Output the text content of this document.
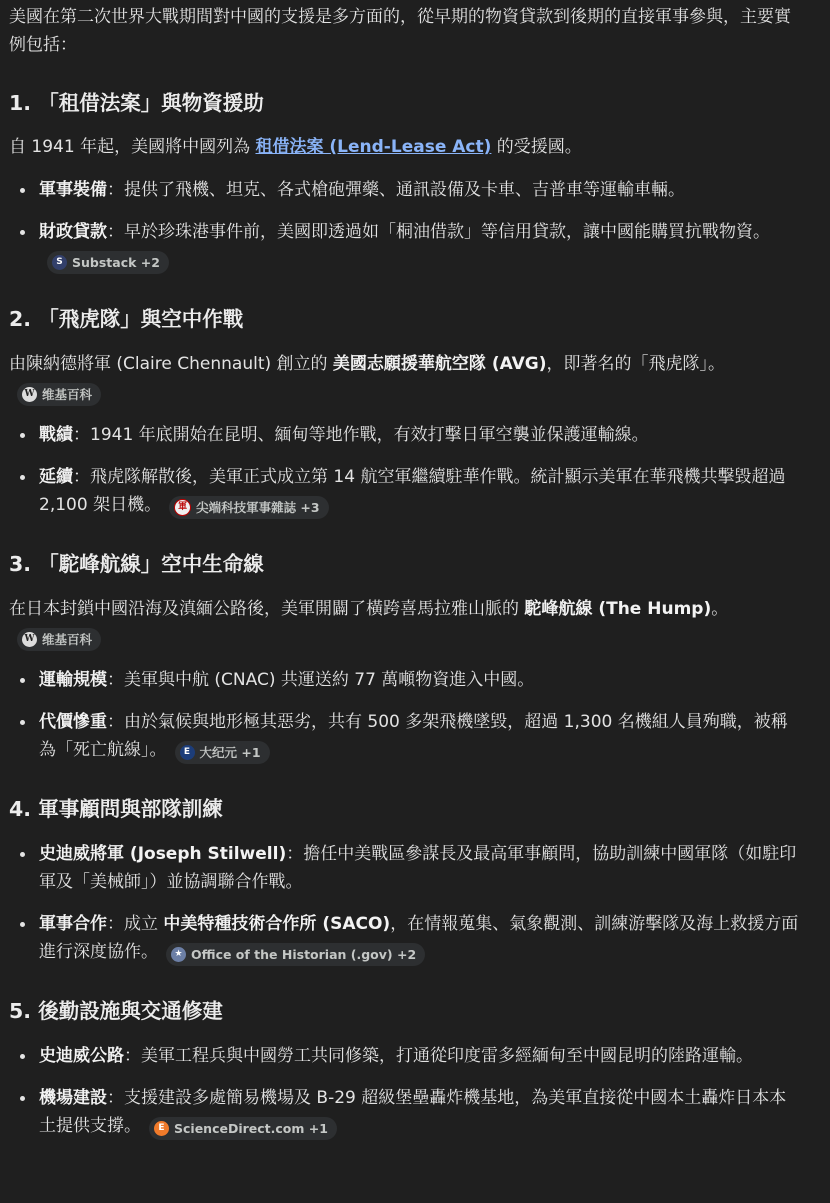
美國在第二次世界大戰期間對中國的支援是多方面的，從早期的物資貸款到後期的直接軍事參與，主要實例包括：

1. 「租借法案」與物資援助

自 1941 年起，美國將中國列為 租借法案 (Lend-Lease Act) 的受援國。

軍事裝備：提供了飛機、坦克、各式槍砲彈藥、通訊設備及卡車、吉普車等運輸車輛。
財政貸款：早於珍珠港事件前，美國即透過如「桐油借款」等信用貸款，讓中國能購買抗戰物資。
S Substack +2
2. 「飛虎隊」與空中作戰

由陳納德將軍 (Claire Chennault) 創立的 美國志願援華航空隊 (AVG)，即著名的「飛虎隊」。
W 维基百科

戰績：1941 年底開始在昆明、緬甸等地作戰，有效打擊日軍空襲並保護運輸線。
延續：飛虎隊解散後，美軍正式成立第 14 航空軍繼續駐華作戰。統計顯示美軍在華飛機共擊毀超過 2,100 架日機。	軍 尖端科技軍事雜誌 +3
3. 「駝峰航線」空中生命線

在日本封鎖中國沿海及滇緬公路後，美軍開闢了橫跨喜馬拉雅山脈的 駝峰航線 (The Hump)。
W 维基百科

運輸規模：美軍與中航 (CNAC) 共運送約 77 萬噸物資進入中國。
代價慘重：由於氣候與地形極其惡劣，共有 500 多架飛機墜毀，超過 1,300 名機組人員殉職，被稱為「死亡航線」。	E 大纪元 +1
4. 軍事顧問與部隊訓練
史迪威將軍 (Joseph Stilwell)：擔任中美戰區參謀長及最高軍事顧問，協助訓練中國軍隊（如駐印軍及「美械師」）並協調聯合作戰。
軍事合作：成立 中美特種技術合作所 (SACO)，在情報蒐集、氣象觀測、訓練游擊隊及海上救援方面進行深度協作。	★ Office of the Historian (.gov) +2
5. 後勤設施與交通修建
史迪威公路：美軍工程兵與中國勞工共同修築，打通從印度雷多經緬甸至中國昆明的陸路運輸。
機場建設：支援建設多處簡易機場及 B-29 超級堡壘轟炸機基地，為美軍直接從中國本土轟炸日本本土提供支撐。	E ScienceDirect.com +1
